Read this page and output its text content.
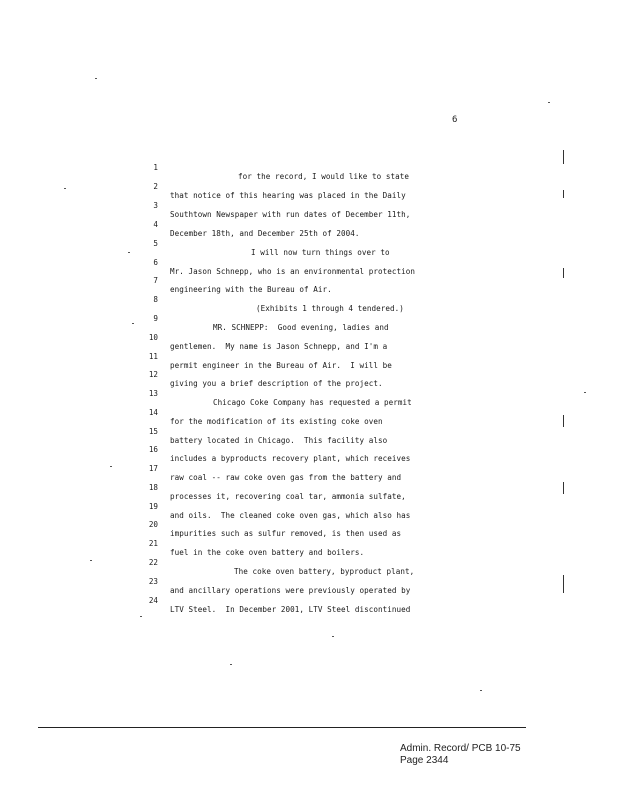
6

1

for the record, I would like to state

2

that notice of this hearing was placed in the Daily

3

Southtown Newspaper with run dates of December 11th,

4

December 18th, and December 25th of 2004.

5

I will now turn things over to

6

Mr. Jason Schnepp, who is an environmental protection

7

engineering with the Bureau of Air.

8

(Exhibits 1 through 4 tendered.)

9

MR. SCHNEPP:  Good evening, ladies and

10

gentlemen.  My name is Jason Schnepp, and I'm a

11

permit engineer in the Bureau of Air.  I will be

12

giving you a brief description of the project.

13

Chicago Coke Company has requested a permit

14

for the modification of its existing coke oven

15

battery located in Chicago.  This facility also

16

includes a byproducts recovery plant, which receives

17

raw coal -- raw coke oven gas from the battery and

18

processes it, recovering coal tar, ammonia sulfate,

19

and oils.  The cleaned coke oven gas, which also has

20

impurities such as sulfur removed, is then used as

21

fuel in the coke oven battery and boilers.

22

The coke oven battery, byproduct plant,

23

and ancillary operations were previously operated by

24

LTV Steel.  In December 2001, LTV Steel discontinued

Admin. Record/ PCB 10-75
Page 2344
